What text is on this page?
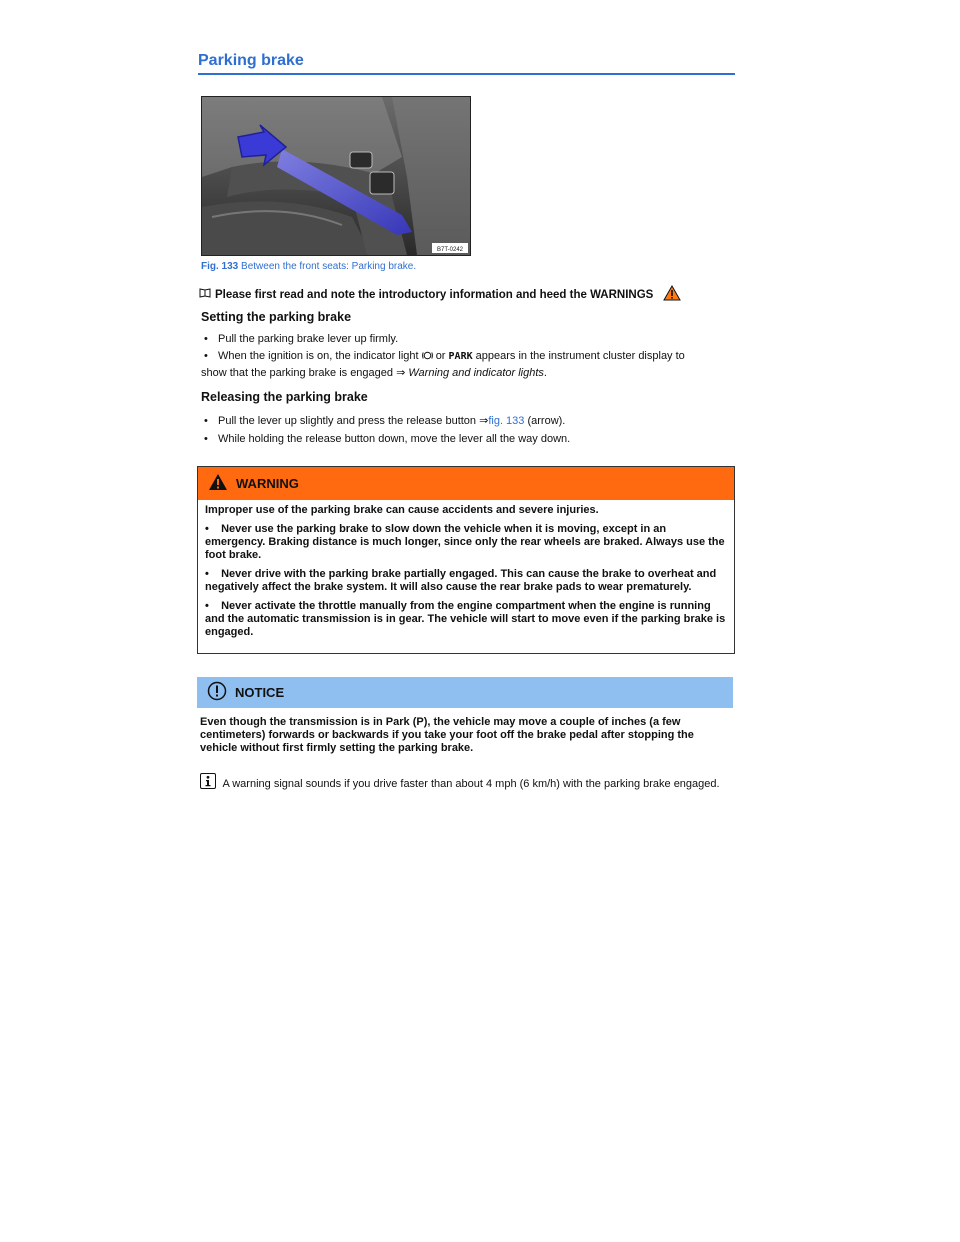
Parking brake
B7T-0242
Fig. 133 Between the front seats: Parking brake.
Please first read and note the introductory information and heed the WARNINGS
Setting the parking brake
• Pull the parking brake lever up firmly.
• When the ignition is on, the indicator light  or PARK appears in the instrument cluster display to
show that the parking brake is engaged ⇒ Warning and indicator lights.
Releasing the parking brake
• Pull the lever up slightly and press the release button ⇒fig. 133 (arrow).
• While holding the release button down, move the lever all the way down.
WARNING

Improper use of the parking brake can cause accidents and severe injuries.

•    Never use the parking brake to slow down the vehicle when it is moving, except in an emergency. Braking distance is much longer, since only the rear wheels are braked. Always use the foot brake.

•    Never drive with the parking brake partially engaged. This can cause the brake to overheat and negatively affect the brake system. It will also cause the rear brake pads to wear prematurely.

•    Never activate the throttle manually from the engine compartment when the engine is running and the automatic transmission is in gear. The vehicle will start to move even if the parking brake is engaged.

NOTICE
Even though the transmission is in Park (P), the vehicle may move a couple of inches (a few centimeters) forwards or backwards if you take your foot off the brake pedal after stopping the vehicle without first firmly setting the parking brake.
A warning signal sounds if you drive faster than about 4 mph (6 km/h) with the parking brake engaged.
